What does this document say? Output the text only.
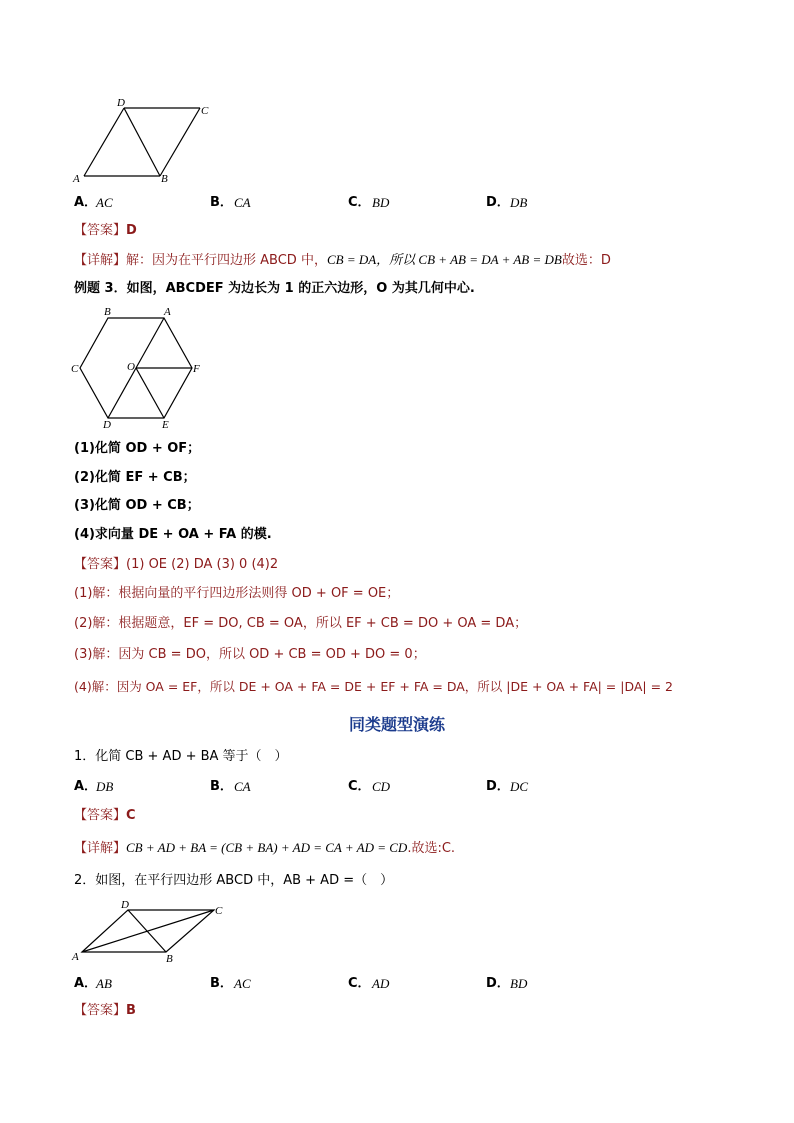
A
D
C
B
A．
AC	B． CA	C． BD	D． DB
【答案】D
【详解】解：因为在平行四边形 ABCD 中，CB = DA，所以 CB + AB = DA + AB = DB故选：D
例题 3．如图，ABCDEF 为边长为 1 的正六边形，O 为其几何中心.
B	A
C	F
O
D	E
(1)化简 OD + OF；
(2)化简 EF + CB；
(3)化简 OD + CB；
(4)求向量 DE + OA + FA 的模.
【答案】(1) OE (2) DA (3) 0 (4)2
(1)解：根据向量的平行四边形法则得 OD + OF = OE；
(2)解：根据题意，EF = DO, CB = OA，所以 EF + CB = DO + OA = DA；
(3)解：因为 CB = DO，所以 OD + CB = OD + DO = 0；
(4)解：因为 OA = EF，所以 DE + OA + FA = DE + EF + FA = DA，所以 |DE + OA + FA| = |DA| = 2
同类题型演练
1．化简 CB + AD + BA 等于（　）
A．
DB	B． CA	C． CD	D． DC
【答案】C
【详解】CB + AD + BA = (CB + BA) + AD = CA + AD = CD.故选:C.
2．如图，在平行四边形 ABCD 中，AB + AD =（　）
A
D	C
B
A．
AB	B． AC	C． AD	D． BD
【答案】B
